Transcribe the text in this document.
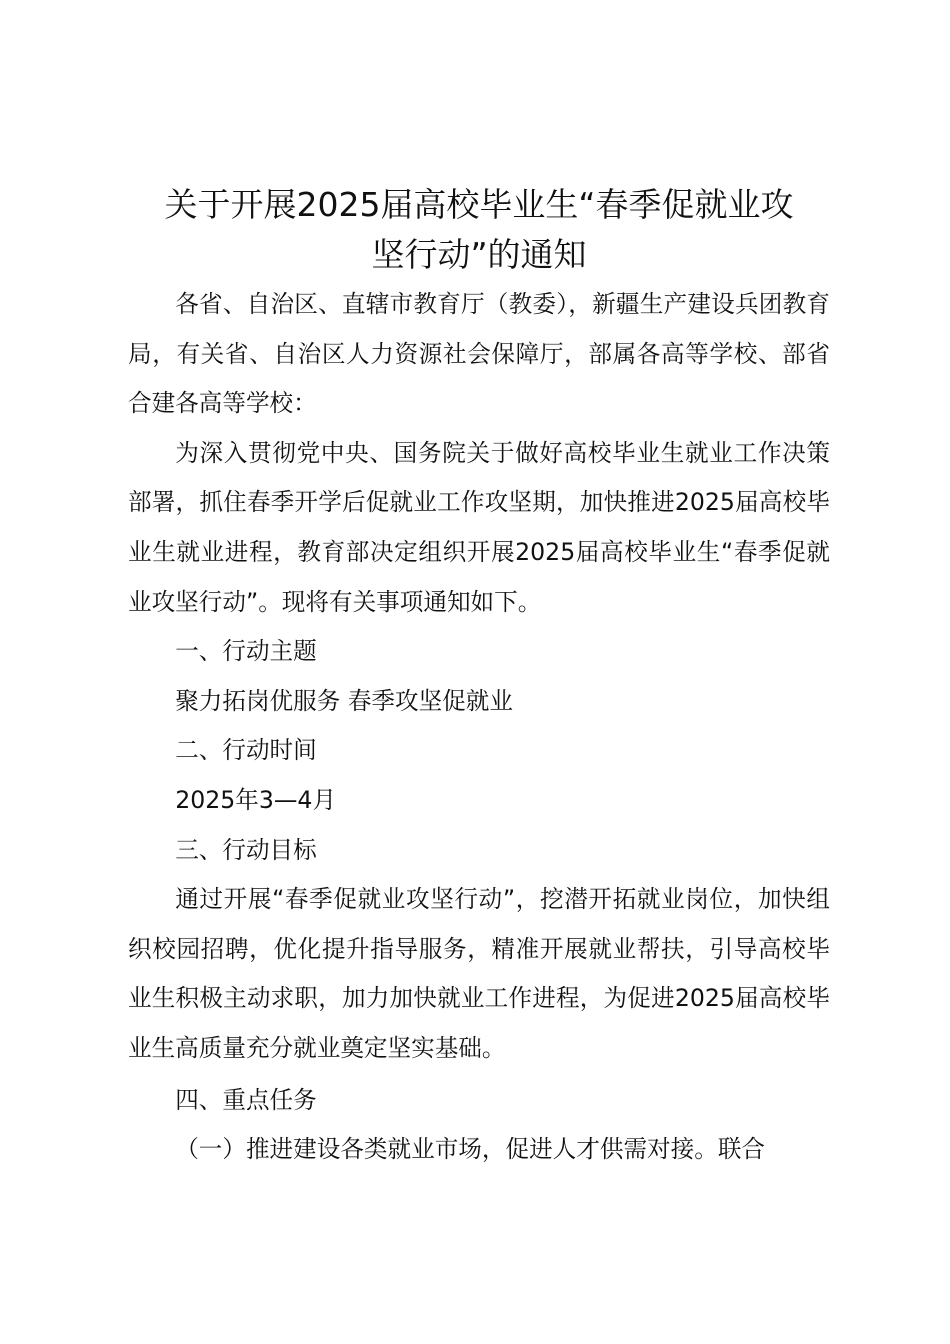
关于开展2025届高校毕业生“春季促就业攻
坚行动”的通知

各省、自治区、直辖市教育厅（教委），新疆生产建设兵团教育局，有关省、自治区人力资源社会保障厅，部属各高等学校、部省合建各高等学校：

为深入贯彻党中央、国务院关于做好高校毕业生就业工作决策部署，抓住春季开学后促就业工作攻坚期，加快推进2025届高校毕业生就业进程，教育部决定组织开展2025届高校毕业生“春季促就业攻坚行动”。现将有关事项通知如下。

一、行动主题

聚力拓岗优服务 春季攻坚促就业

二、行动时间

2025年3—4月

三、行动目标

通过开展“春季促就业攻坚行动”，挖潜开拓就业岗位，加快组织校园招聘，优化提升指导服务，精准开展就业帮扶，引导高校毕业生积极主动求职，加力加快就业工作进程，为促进2025届高校毕业生高质量充分就业奠定坚实基础。

四、重点任务

（一）推进建设各类就业市场，促进人才供需对接。联合
